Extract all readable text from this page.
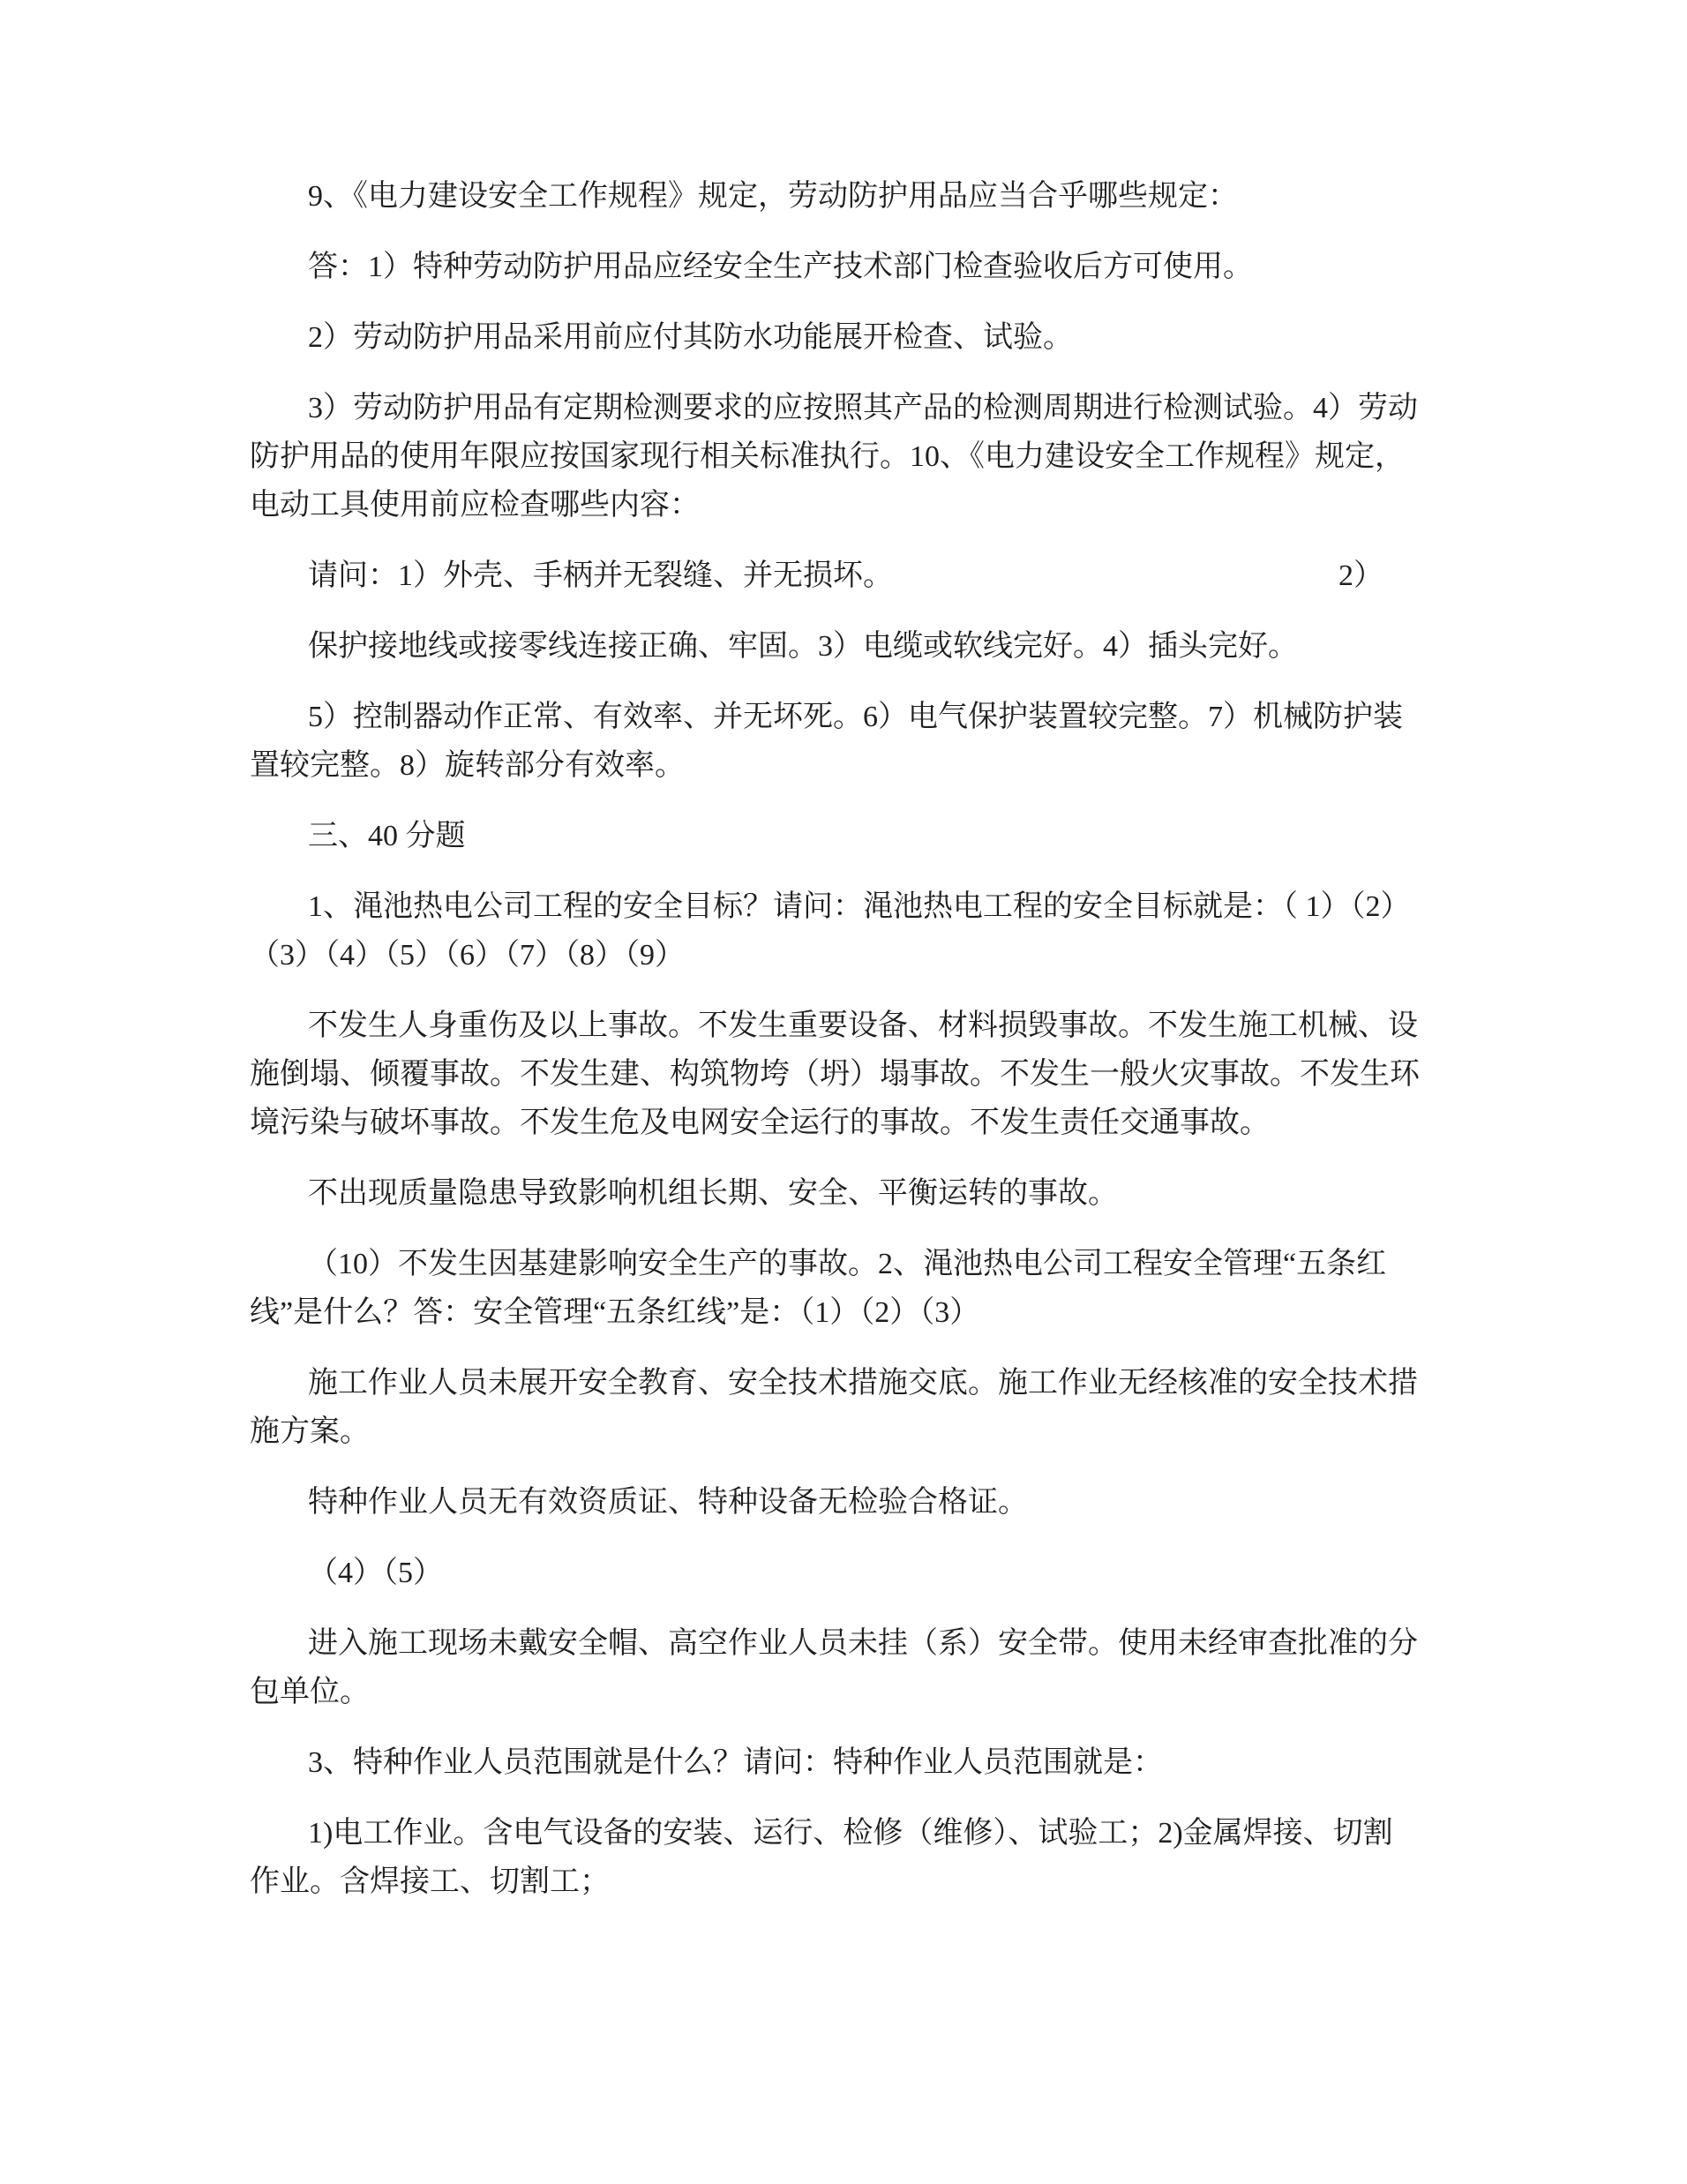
9、《电力建设安全工作规程》规定，劳动防护用品应当合乎哪些规定：
答：1）特种劳动防护用品应经安全生产技术部门检查验收后方可使用。
2）劳动防护用品采用前应付其防水功能展开检查、试验。
3）劳动防护用品有定期检测要求的应按照其产品的检测周期进行检测试验。4）劳动
防护用品的使用年限应按国家现行相关标准执行。10、《电力建设安全工作规程》规定，
电动工具使用前应检查哪些内容：
请问：1）外壳、手柄并无裂缝、并无损坏。	2）
保护接地线或接零线连接正确、牢固。3）电缆或软线完好。4）插头完好。
5）控制器动作正常、有效率、并无坏死。6）电气保护装置较完整。7）机械防护装
置较完整。8）旋转部分有效率。
三、40 分题
1、渑池热电公司工程的安全目标？请问：渑池热电工程的安全目标就是：（ 1）（2）
（3）（4）（5）（6）（7）（8）（9）
不发生人身重伤及以上事故。不发生重要设备、材料损毁事故。不发生施工机械、设
施倒塌、倾覆事故。不发生建、构筑物垮（坍）塌事故。不发生一般火灾事故。不发生环
境污染与破坏事故。不发生危及电网安全运行的事故。不发生责任交通事故。
不出现质量隐患导致影响机组长期、安全、平衡运转的事故。
（10）不发生因基建影响安全生产的事故。2、渑池热电公司工程安全管理“五条红
线”是什么？答：安全管理“五条红线”是：（1）（2）（3）
施工作业人员未展开安全教育、安全技术措施交底。施工作业无经核准的安全技术措
施方案。
特种作业人员无有效资质证、特种设备无检验合格证。
（4）（5）
进入施工现场未戴安全帽、高空作业人员未挂（系）安全带。使用未经审查批准的分
包单位。
3、特种作业人员范围就是什么？请问：特种作业人员范围就是：
1)电工作业。含电气设备的安装、运行、检修（维修）、试验工；2)金属焊接、切割
作业。含焊接工、切割工；
